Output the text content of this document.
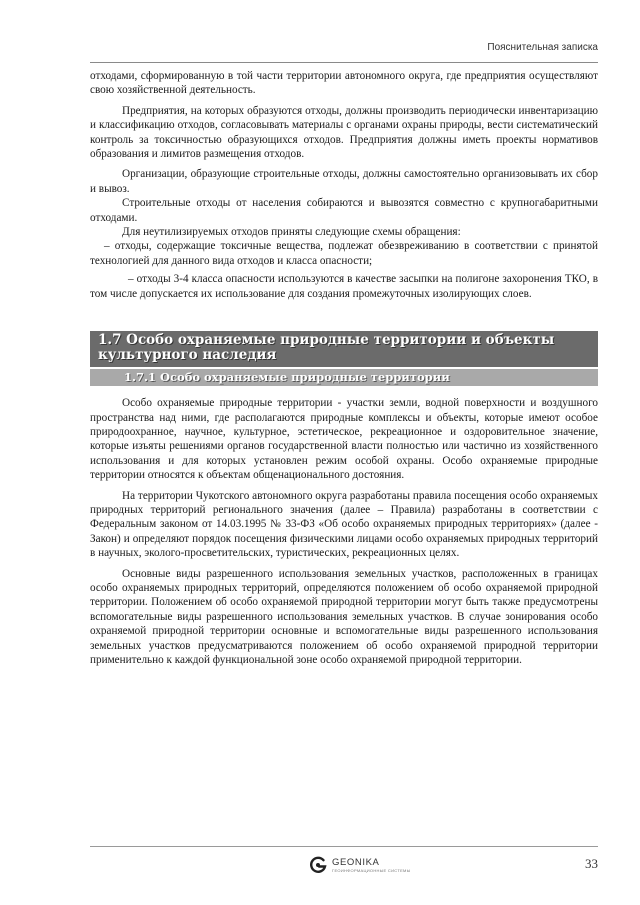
Пояснительная записка

отходами, сформированную в той части территории автономного округа, где предприятия осуществляют свою хозяйственной деятельность.

Предприятия, на которых образуются отходы, должны производить периодически инвентаризацию и классификацию отходов, согласовывать материалы с органами охраны природы, вести систематический контроль за токсичностью образующихся отходов. Предприятия должны иметь проекты нормативов образования и лимитов размещения отходов.

Организации, образующие строительные отходы, должны самостоятельно организовывать их сбор и вывоз.

Строительные отходы от населения собираются и вывозятся совместно с крупногабаритными отходами.

Для неутилизируемых отходов приняты следующие схемы обращения:

– отходы, содержащие токсичные вещества, подлежат обезвреживанию в соответствии с принятой технологией для данного вида отходов и класса опасности;

– отходы 3-4 класса опасности используются в качестве засыпки на полигоне захоронения ТКО, в том числе допускается их использование для создания промежуточных изолирующих слоев.

1.7 Особо охраняемые природные территории и объекты культурного наследия
1.7.1 Особо охраняемые природные территории

Особо охраняемые природные территории - участки земли, водной поверхности и воздушного пространства над ними, где располагаются природные комплексы и объекты, которые имеют особое природоохранное, научное, культурное, эстетическое, рекреационное и оздоровительное значение, которые изъяты решениями органов государственной власти полностью или частично из хозяйственного использования и для которых установлен режим особой охраны. Особо охраняемые природные территории относятся к объектам общенационального достояния.

На территории Чукотского автономного округа разработаны правила посещения особо охраняемых природных территорий регионального значения (далее – Правила) разработаны в соответствии с Федеральным законом от 14.03.1995 № 33-ФЗ «Об особо охраняемых природных территориях» (далее - Закон) и определяют порядок посещения физическими лицами особо охраняемых природных территорий в научных, эколого-просветительских, туристических, рекреационных целях.

Основные виды разрешенного использования земельных участков, расположенных в границах особо охраняемых природных территорий, определяются положением об особо охраняемой природной территории. Положением об особо охраняемой природной территории могут быть также предусмотрены вспомогательные виды разрешенного использования земельных участков. В случае зонирования особо охраняемой природной территории основные и вспомогательные виды разрешенного использования земельных участков предусматриваются положением об особо охраняемой природной территории применительно к каждой функциональной зоне особо охраняемой природной территории.

GEONIKA
ГЕОИНФОРМАЦИОННЫЕ СИСТЕМЫ	33
